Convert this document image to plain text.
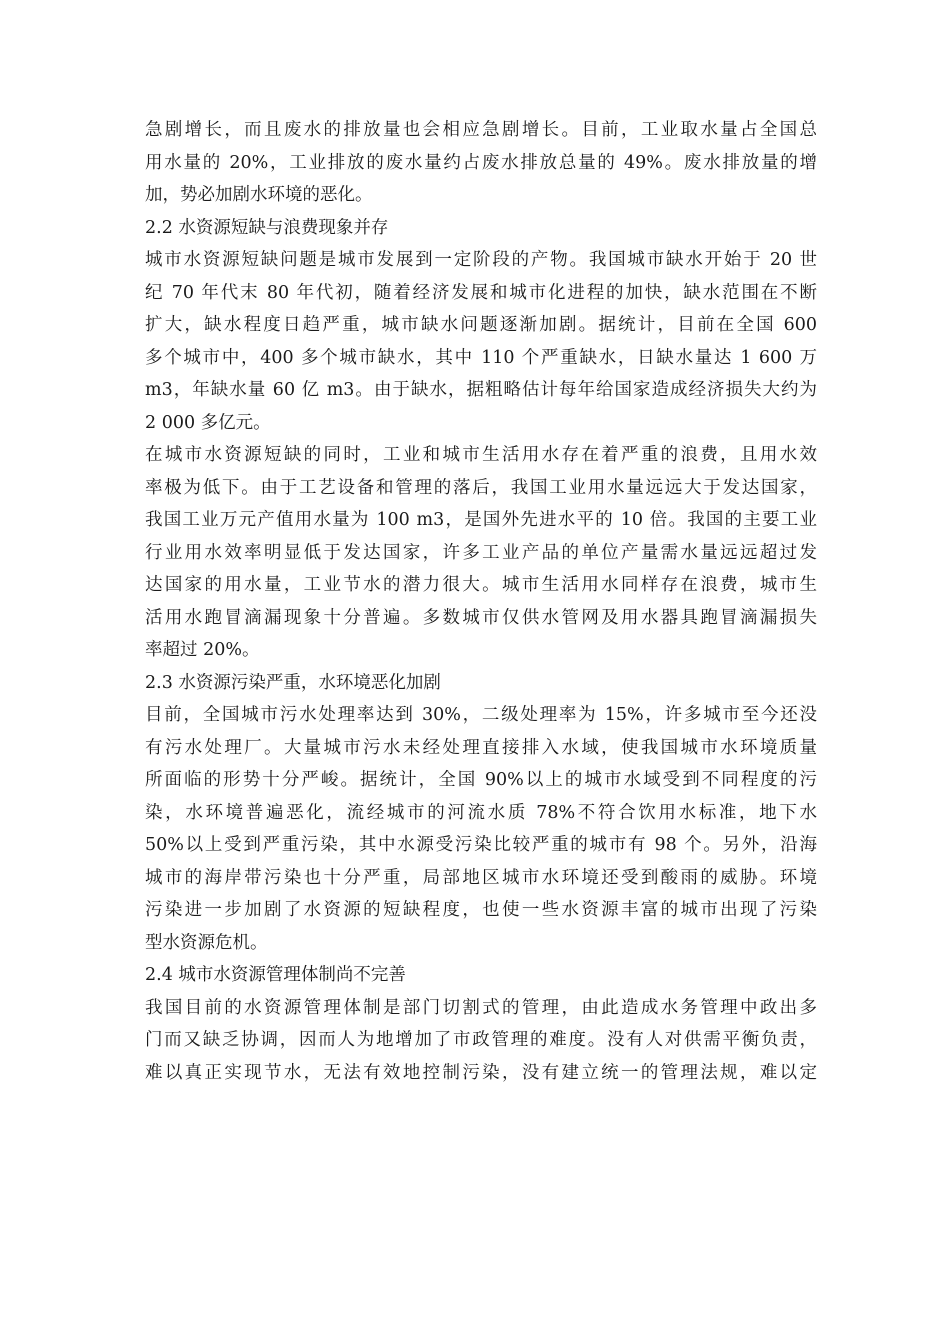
急剧增长，而且废水的排放量也会相应急剧增长。目前，工业取水量占全国总
用水量的 20%，工业排放的废水量约占废水排放总量的 49%。废水排放量的增
加，势必加剧水环境的恶化。
2.2 水资源短缺与浪费现象并存
城市水资源短缺问题是城市发展到一定阶段的产物。我国城市缺水开始于 20 世
纪 70 年代末 80 年代初，随着经济发展和城市化进程的加快，缺水范围在不断
扩大，缺水程度日趋严重，城市缺水问题逐渐加剧。据统计，目前在全国 600
多个城市中，400 多个城市缺水，其中 110 个严重缺水，日缺水量达 1 600 万
m3，年缺水量 60 亿 m3。由于缺水，据粗略估计每年给国家造成经济损失大约为
2 000 多亿元。
在城市水资源短缺的同时，工业和城市生活用水存在着严重的浪费，且用水效
率极为低下。由于工艺设备和管理的落后，我国工业用水量远远大于发达国家，
我国工业万元产值用水量为 100 m3，是国外先进水平的 10 倍。我国的主要工业
行业用水效率明显低于发达国家，许多工业产品的单位产量需水量远远超过发
达国家的用水量，工业节水的潜力很大。城市生活用水同样存在浪费，城市生
活用水跑冒滴漏现象十分普遍。多数城市仅供水管网及用水器具跑冒滴漏损失
率超过 20%。
2.3 水资源污染严重，水环境恶化加剧
目前，全国城市污水处理率达到 30%，二级处理率为 15%，许多城市至今还没
有污水处理厂。大量城市污水未经处理直接排入水域，使我国城市水环境质量
所面临的形势十分严峻。据统计，全国 90%以上的城市水域受到不同程度的污
染，水环境普遍恶化，流经城市的河流水质 78%不符合饮用水标准，地下水
50%以上受到严重污染，其中水源受污染比较严重的城市有 98 个。另外，沿海
城市的海岸带污染也十分严重，局部地区城市水环境还受到酸雨的威胁。环境
污染进一步加剧了水资源的短缺程度，也使一些水资源丰富的城市出现了污染
型水资源危机。
2.4 城市水资源管理体制尚不完善
我国目前的水资源管理体制是部门切割式的管理，由此造成水务管理中政出多
门而又缺乏协调，因而人为地增加了市政管理的难度。没有人对供需平衡负责，
难以真正实现节水，无法有效地控制污染，没有建立统一的管理法规，难以定
